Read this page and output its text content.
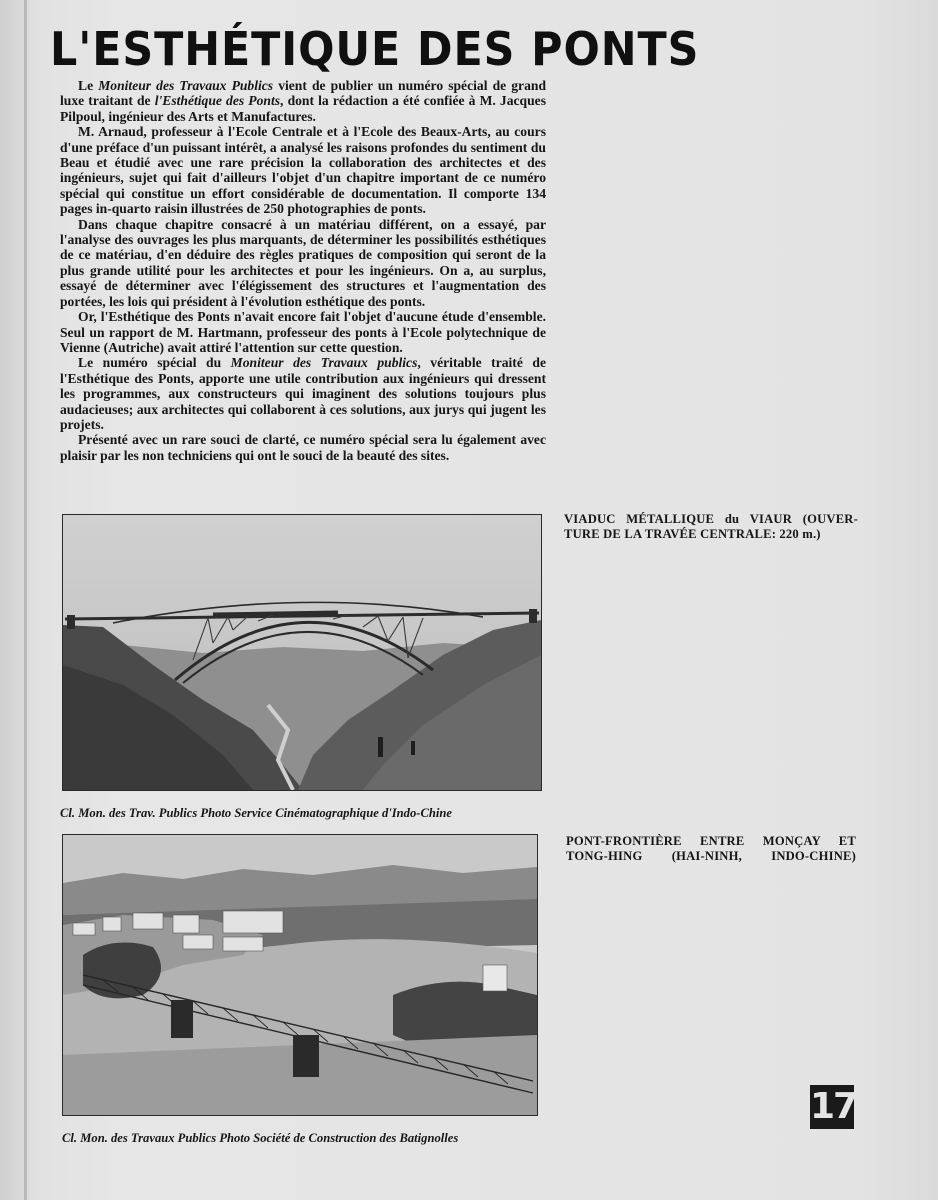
L'ESTHÉTIQUE DES PONTS

Le Moniteur des Travaux Publics vient de publier un numéro spécial de grand luxe traitant de l'Esthétique des Ponts, dont la rédaction a été confiée à M. Jacques Pilpoul, ingénieur des Arts et Manufactures.

M. Arnaud, professeur à l'Ecole Centrale et à l'Ecole des Beaux-Arts, au cours d'une préface d'un puissant intérêt, a analysé les raisons profondes du sentiment du Beau et étudié avec une rare précision la collaboration des architectes et des ingénieurs, sujet qui fait d'ailleurs l'objet d'un chapitre important de ce numéro spécial qui constitue un effort considérable de documentation. Il comporte 134 pages in-quarto raisin illustrées de 250 photographies de ponts.

Dans chaque chapitre consacré à un matériau différent, on a essayé, par l'analyse des ouvrages les plus marquants, de déterminer les possibilités esthétiques de ce matériau, d'en déduire des règles pratiques de composition qui seront de la plus grande utilité pour les architectes et pour les ingénieurs. On a, au surplus, essayé de déterminer avec l'élégissement des structures et l'augmentation des portées, les lois qui président à l'évolution esthétique des ponts.

Or, l'Esthétique des Ponts n'avait encore fait l'objet d'aucune étude d'ensemble. Seul un rapport de M. Hartmann, professeur des ponts à l'Ecole polytechnique de Vienne (Autriche) avait attiré l'attention sur cette question.

Le numéro spécial du Moniteur des Travaux publics, véritable traité de l'Esthétique des Ponts, apporte une utile contribution aux ingénieurs qui dressent les programmes, aux constructeurs qui imaginent des solutions toujours plus audacieuses; aux architectes qui collaborent à ces solutions, aux jurys qui jugent les projets.

Présenté avec un rare souci de clarté, ce numéro spécial sera lu également avec plaisir par les non techniciens qui ont le souci de la beauté des sites.

Cl. Mon. des Trav. Publics Photo Service Cinématographique d'Indo-Chine
VIADUC MÉTALLIQUE du VIAUR (OUVER-
TURE DE LA TRAVÉE CENTRALE: 220 m.)
Cl. Mon. des Travaux Publics Photo Société de Construction des Batignolles
PONT-FRONTIÈRE ENTRE MONÇAY ET
TONG-HING (HAI-NINH, INDO-CHINE)
17
